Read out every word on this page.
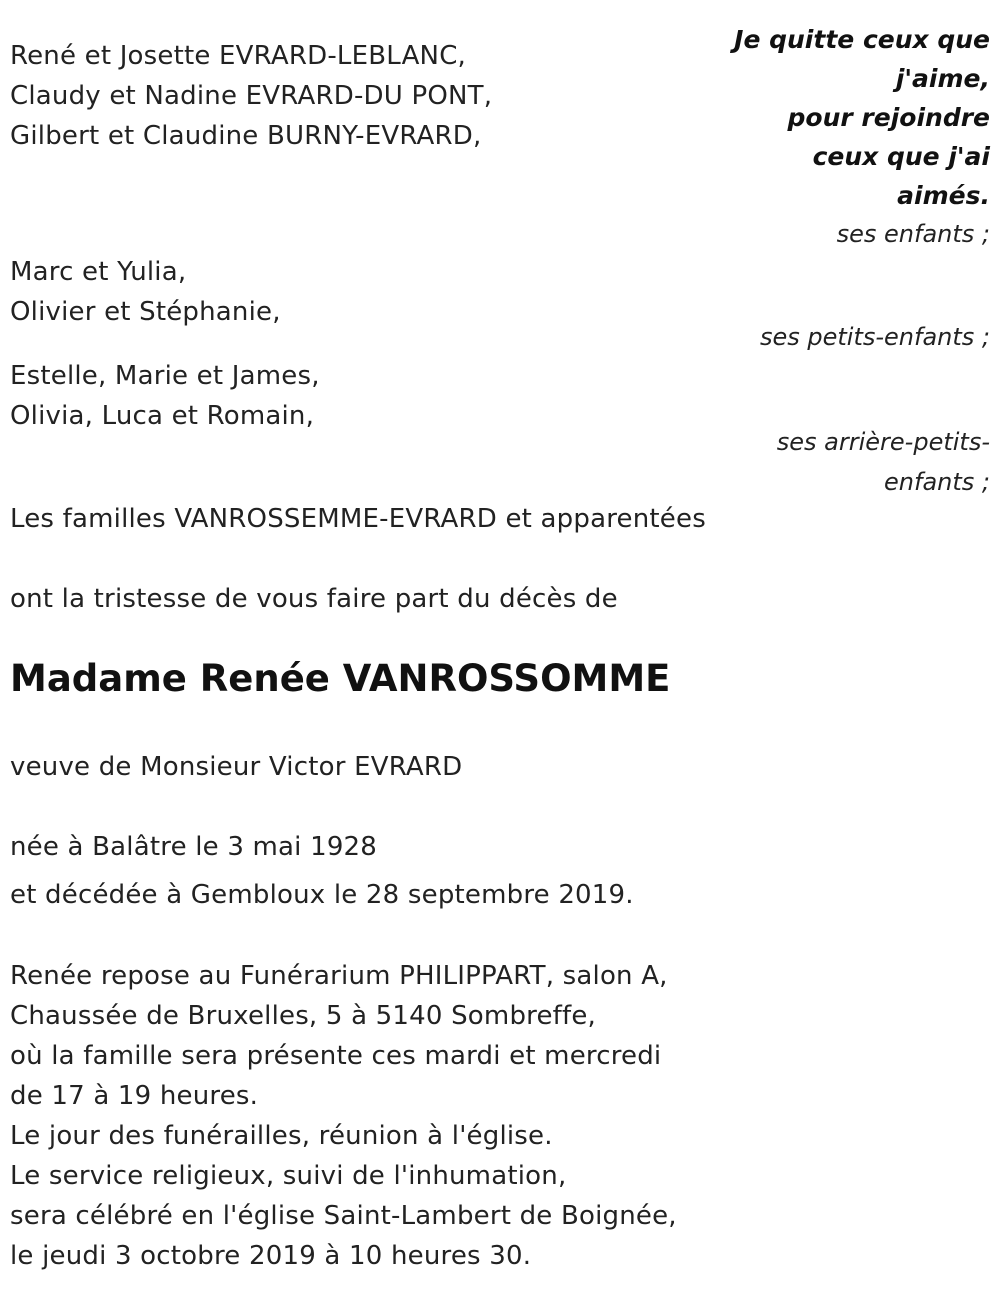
René et Josette EVRARD-LEBLANC,
Claudy et Nadine EVRARD-DU PONT,
Gilbert et Claudine BURNY-EVRARD,
Je quitte ceux que
j'aime,
pour rejoindre
ceux que j'ai
aimés.
ses enfants ;
Marc et Yulia,
Olivier et Stéphanie,
ses petits-enfants ;
Estelle, Marie et James,
Olivia, Luca et Romain,
ses arrière-petits-
enfants ;
Les familles VANROSSEMME-EVRARD et apparentées
ont la tristesse de vous faire part du décès de
Madame Renée VANROSSOMME
veuve de Monsieur Victor EVRARD
née à Balâtre le 3 mai 1928
et décédée à Gembloux le 28 septembre 2019.
Renée repose au Funérarium PHILIPPART, salon A,
Chaussée de Bruxelles, 5 à 5140 Sombreffe,
où la famille sera présente ces mardi et mercredi
de 17 à 19 heures.
Le jour des funérailles, réunion à l'église.
Le service religieux, suivi de l'inhumation,
sera célébré en l'église Saint-Lambert de Boignée,
le jeudi 3 octobre 2019 à 10 heures 30.
